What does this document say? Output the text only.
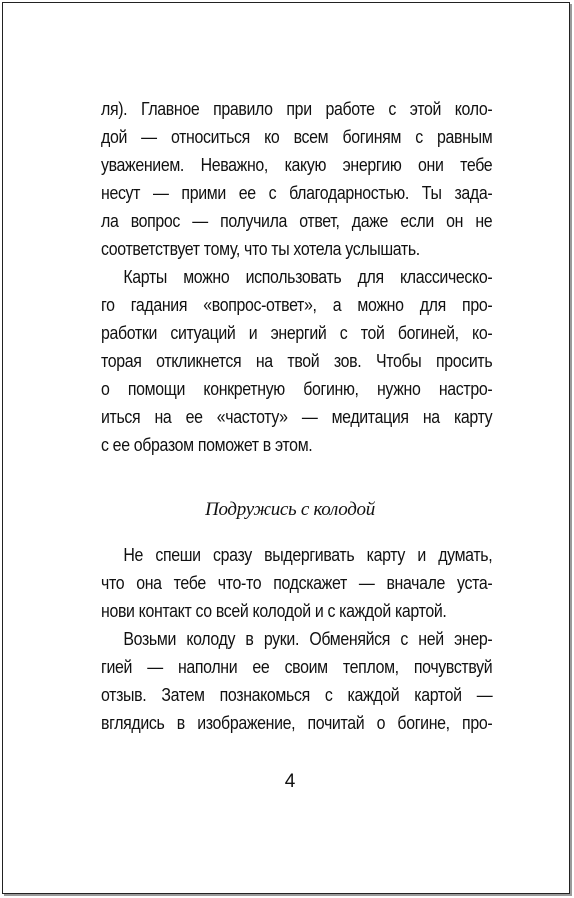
ля). Главное правило при работе с этой коло-
дой — относиться ко всем богиням с равным
уважением. Неважно, какую энергию они тебе
несут — прими ее с благодарностью. Ты зада-
ла вопрос — получила ответ, даже если он не
соответствует тому, что ты хотела услышать.
Карты можно использовать для классическо-
го гадания «вопрос-ответ», а можно для про-
работки ситуаций и энергий с той богиней, ко-
торая откликнется на твой зов. Чтобы просить
о помощи конкретную богиню, нужно настро-
иться на ее «частоту» — медитация на карту
с ее образом поможет в этом.
Подружись с колодой
Не спеши сразу выдергивать карту и думать,
что она тебе что-то подскажет — вначале уста-
нови контакт со всей колодой и с каждой картой.
Возьми колоду в руки. Обменяйся с ней энер-
гией — наполни ее своим теплом, почувствуй
отзыв. Затем познакомься с каждой картой —
вглядись в изображение, почитай о богине, про-
4
